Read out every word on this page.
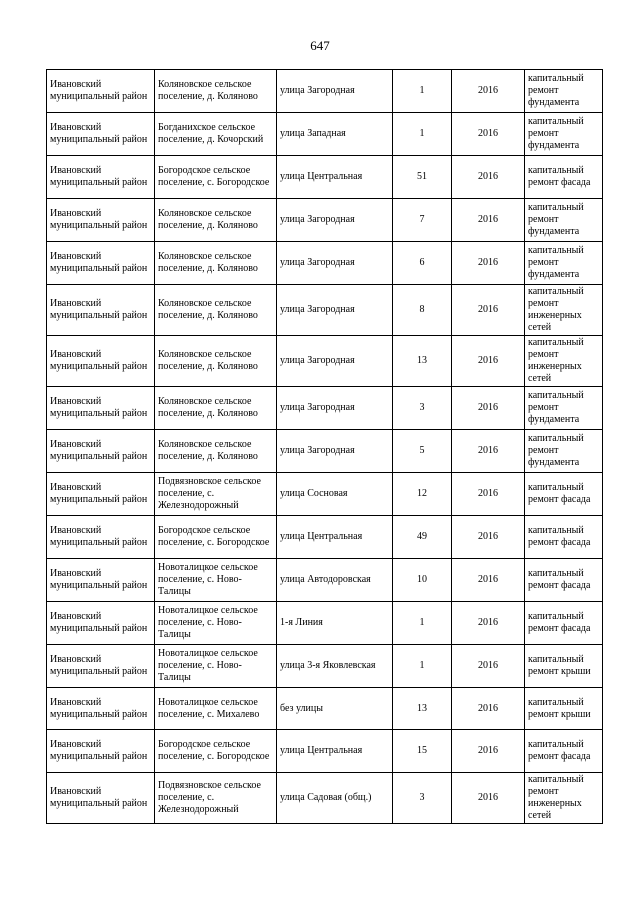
647
Ивановский муниципальный район	Коляновское сельское поселение, д. Коляново	улица Загородная	1	2016	капитальный ремонт фундамента
Ивановский муниципальный район	Богданихское сельское поселение, д. Кочорский	улица Западная	1	2016	капитальный ремонт фундамента
Ивановский муниципальный район	Богородское сельское поселение, с. Богородское	улица Центральная	51	2016	капитальный ремонт фасада
Ивановский муниципальный район	Коляновское сельское поселение, д. Коляново	улица Загородная	7	2016	капитальный ремонт фундамента
Ивановский муниципальный район	Коляновское сельское поселение, д. Коляново	улица Загородная	6	2016	капитальный ремонт фундамента
Ивановский муниципальный район	Коляновское сельское поселение, д. Коляново	улица Загородная	8	2016	капитальный ремонт инженерных сетей
Ивановский муниципальный район	Коляновское сельское поселение, д. Коляново	улица Загородная	13	2016	капитальный ремонт инженерных сетей
Ивановский муниципальный район	Коляновское сельское поселение, д. Коляново	улица Загородная	3	2016	капитальный ремонт фундамента
Ивановский муниципальный район	Коляновское сельское поселение, д. Коляново	улица Загородная	5	2016	капитальный ремонт фундамента
Ивановский муниципальный район	Подвязновское сельское поселение, с. Железнодорожный	улица Сосновая	12	2016	капитальный ремонт фасада
Ивановский муниципальный район	Богородское сельское поселение, с. Богородское	улица Центральная	49	2016	капитальный ремонт фасада
Ивановский муниципальный район	Новоталицкое сельское поселение, с. Ново-Талицы	улица Автодоровская	10	2016	капитальный ремонт фасада
Ивановский муниципальный район	Новоталицкое сельское поселение, с. Ново-Талицы	1-я Линия	1	2016	капитальный ремонт фасада
Ивановский муниципальный район	Новоталицкое сельское поселение, с. Ново-Талицы	улица 3-я Яковлевская	1	2016	капитальный ремонт крыши
Ивановский муниципальный район	Новоталицкое сельское поселение, с. Михалево	без улицы	13	2016	капитальный ремонт крыши
Ивановский муниципальный район	Богородское сельское поселение, с. Богородское	улица Центральная	15	2016	капитальный ремонт фасада
Ивановский муниципальный район	Подвязновское сельское поселение, с. Железнодорожный	улица Садовая (общ.)	3	2016	капитальный ремонт инженерных сетей
